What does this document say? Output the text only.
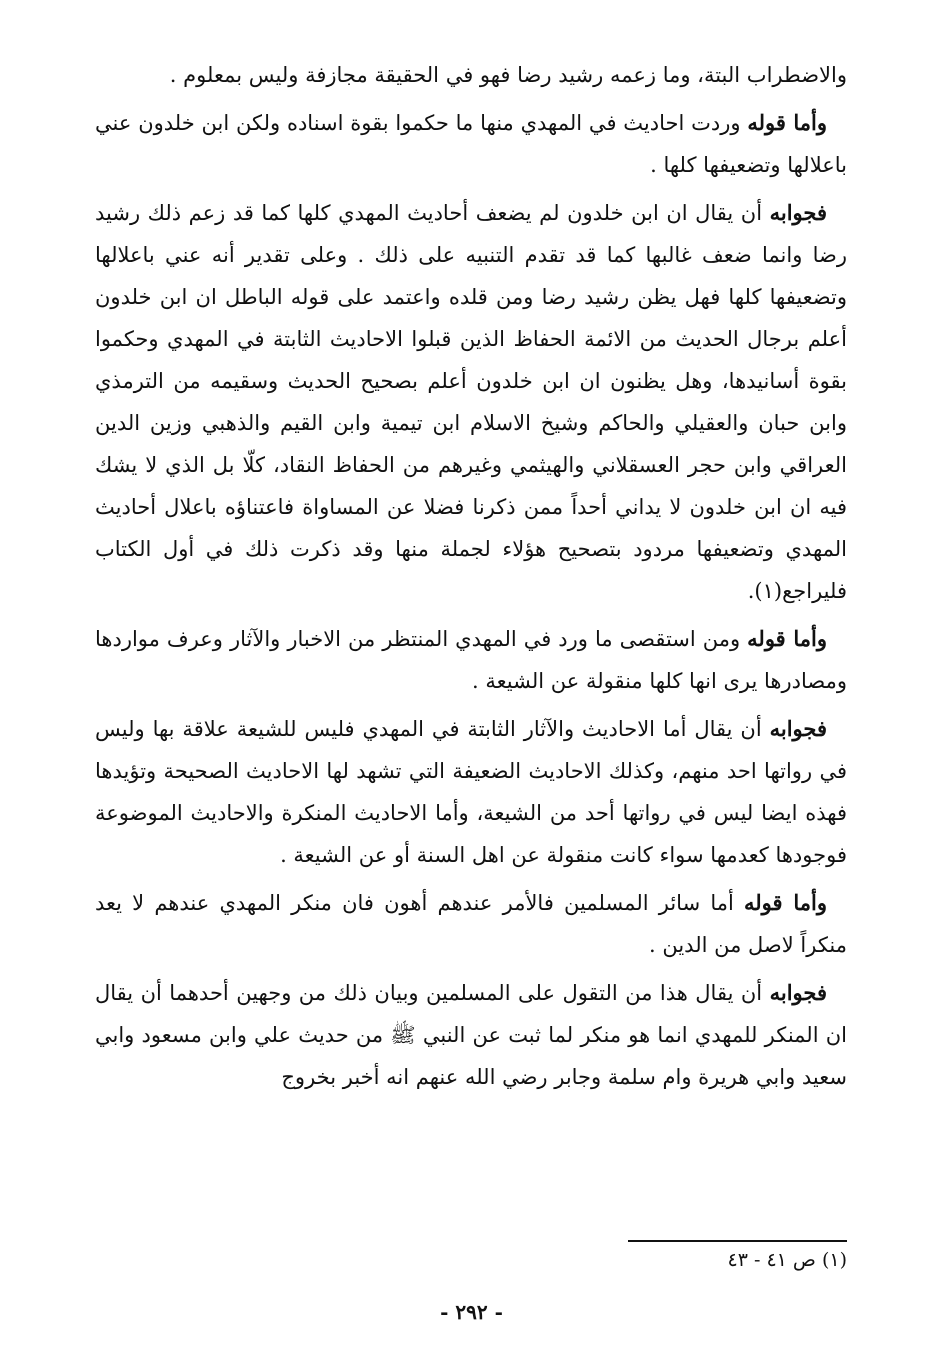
والاضطراب البتة، وما زعمه رشيد رضا فهو في الحقيقة مجازفة وليس بمعلوم .

وأما قوله وردت احاديث في المهدي منها ما حكموا بقوة اسناده ولكن ابن خلدون عني باعلالها وتضعيفها كلها .

فجوابه أن يقال ان ابن خلدون لم يضعف أحاديث المهدي كلها كما قد زعم ذلك رشيد رضا وانما ضعف غالبها كما قد تقدم التنبيه على ذلك . وعلى تقدير أنه عني باعلالها وتضعيفها كلها فهل يظن رشيد رضا ومن قلده واعتمد على قوله الباطل ان ابن خلدون أعلم برجال الحديث من الائمة الحفاظ الذين قبلوا الاحاديث الثابتة في المهدي وحكموا بقوة أسانيدها، وهل يظنون ان ابن خلدون أعلم بصحيح الحديث وسقيمه من الترمذي وابن حبان والعقيلي والحاكم وشيخ الاسلام ابن تيمية وابن القيم والذهبي وزين الدين العراقي وابن حجر العسقلاني والهيثمي وغيرهم من الحفاظ النقاد، كلّا بل الذي لا يشك فيه ان ابن خلدون لا يداني أحداً ممن ذكرنا فضلا عن المساواة فاعتناؤه باعلال أحاديث المهدي وتضعيفها مردود بتصحيح هؤلاء لجملة منها وقد ذكرت ذلك في أول الكتاب فليراجع(١).

وأما قوله ومن استقصى ما ورد في المهدي المنتظر من الاخبار والآثار وعرف مواردها ومصادرها يرى انها كلها منقولة عن الشيعة .

فجوابه أن يقال أما الاحاديث والآثار الثابتة في المهدي فليس للشيعة علاقة بها وليس في رواتها احد منهم، وكذلك الاحاديث الضعيفة التي تشهد لها الاحاديث الصحيحة وتؤيدها فهذه ايضا ليس في رواتها أحد من الشيعة، وأما الاحاديث المنكرة والاحاديث الموضوعة فوجودها كعدمها سواء كانت منقولة عن اهل السنة أو عن الشيعة .

وأما قوله أما سائر المسلمين فالأمر عندهم أهون فان منكر المهدي عندهم لا يعد منكراً لاصل من الدين .

فجوابه أن يقال هذا من التقول على المسلمين وبيان ذلك من وجهين أحدهما أن يقال ان المنكر للمهدي انما هو منكر لما ثبت عن النبي ﷺ من حديث علي وابن مسعود وابي سعيد وابي هريرة وام سلمة وجابر رضي الله عنهم انه أخبر بخروج

(١) ص ٤١ - ٤٣
- ٢٩٢ -
